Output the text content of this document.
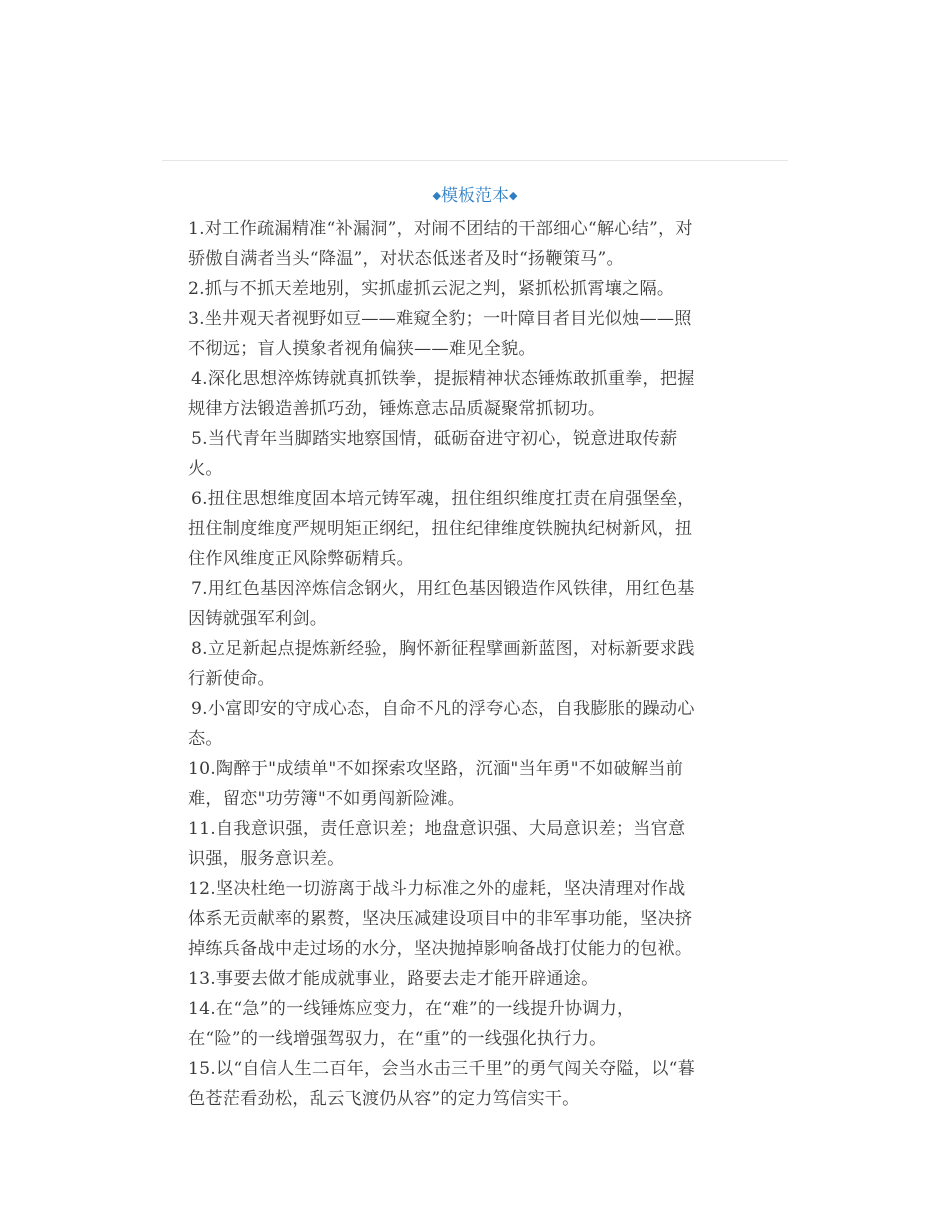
◆模板范本◆

1.对工作疏漏精准“补漏洞”，对闹不团结的干部细心“解心结”，对
骄傲自满者当头“降温”，对状态低迷者及时“扬鞭策马”。

2.抓与不抓天差地别，实抓虚抓云泥之判，紧抓松抓霄壤之隔。

3.坐井观天者视野如豆——难窥全豹；一叶障目者目光似烛——照
不彻远；盲人摸象者视角偏狭——难见全貌。

4.深化思想淬炼铸就真抓铁拳，提振精神状态锤炼敢抓重拳，把握
规律方法锻造善抓巧劲，锤炼意志品质凝聚常抓韧功。

5.当代青年当脚踏实地察国情，砥砺奋进守初心，锐意进取传薪
火。

6.扭住思想维度固本培元铸军魂，扭住组织维度扛责在肩强堡垒，
扭住制度维度严规明矩正纲纪，扭住纪律维度铁腕执纪树新风，扭
住作风维度正风除弊砺精兵。

7.用红色基因淬炼信念钢火，用红色基因锻造作风铁律，用红色基
因铸就强军利剑。

8.立足新起点提炼新经验，胸怀新征程擘画新蓝图，对标新要求践
行新使命。

9.小富即安的守成心态，自命不凡的浮夸心态，自我膨胀的躁动心
态。

10.陶醉于"成绩单"不如探索攻坚路，沉湎"当年勇"不如破解当前
难，留恋"功劳簿"不如勇闯新险滩。

11.自我意识强，责任意识差；地盘意识强、大局意识差；当官意
识强，服务意识差。

12.坚决杜绝一切游离于战斗力标准之外的虚耗，坚决清理对作战
体系无贡献率的累赘，坚决压减建设项目中的非军事功能，坚决挤
掉练兵备战中走过场的水分，坚决抛掉影响备战打仗能力的包袱。

13.事要去做才能成就事业，路要去走才能开辟通途。

14.在“急”的一线锤炼应变力，在“难”的一线提升协调力，
在“险”的一线增强驾驭力，在“重”的一线强化执行力。

15.以“自信人生二百年，会当水击三千里”的勇气闯关夺隘，以“暮
色苍茫看劲松，乱云飞渡仍从容”的定力笃信实干。
